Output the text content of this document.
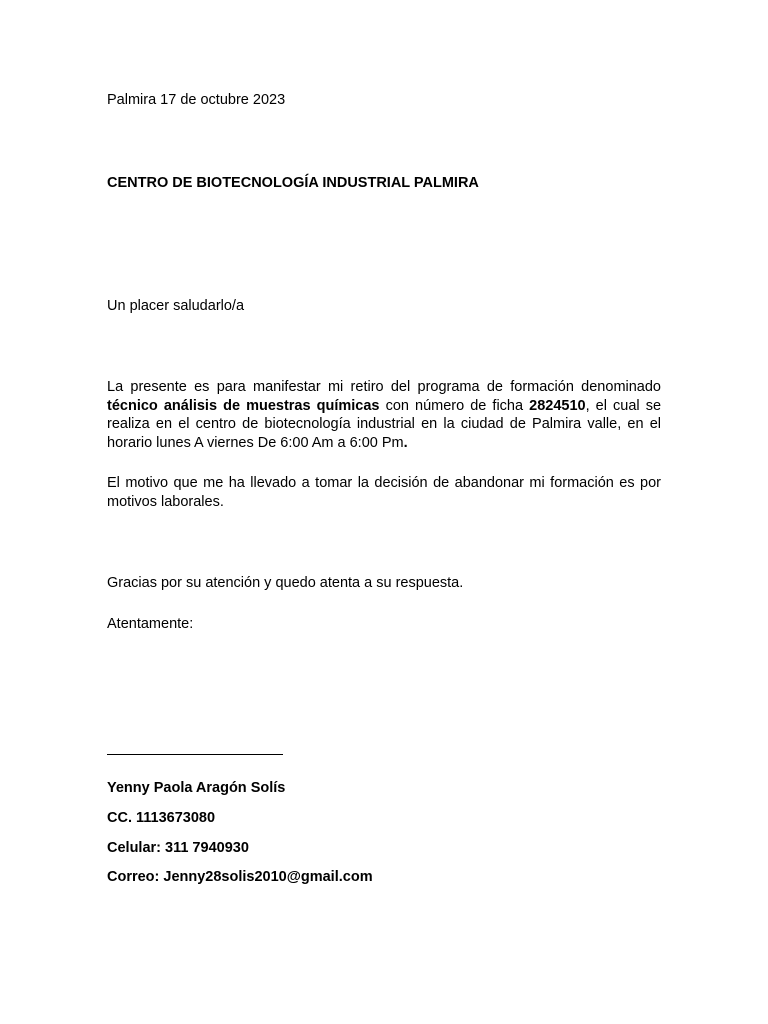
Palmira 17 de octubre 2023
CENTRO DE BIOTECNOLOGÍA INDUSTRIAL PALMIRA
Un placer saludarlo/a
La presente es para manifestar mi retiro del programa de formación denominado
técnico análisis de muestras químicas con número de ficha 2824510, el cual se
realiza en el centro de biotecnología industrial en la ciudad de Palmira valle, en el
horario lunes A viernes De 6:00 Am a 6:00 Pm.
El motivo que me ha llevado a tomar la decisión de abandonar mi formación es por
motivos laborales.
Gracias por su atención y quedo atenta a su respuesta.
Atentamente:
Yenny Paola Aragón Solís
CC. 1113673080
Celular: 311 7940930
Correo: Jenny28solis2010@gmail.com
